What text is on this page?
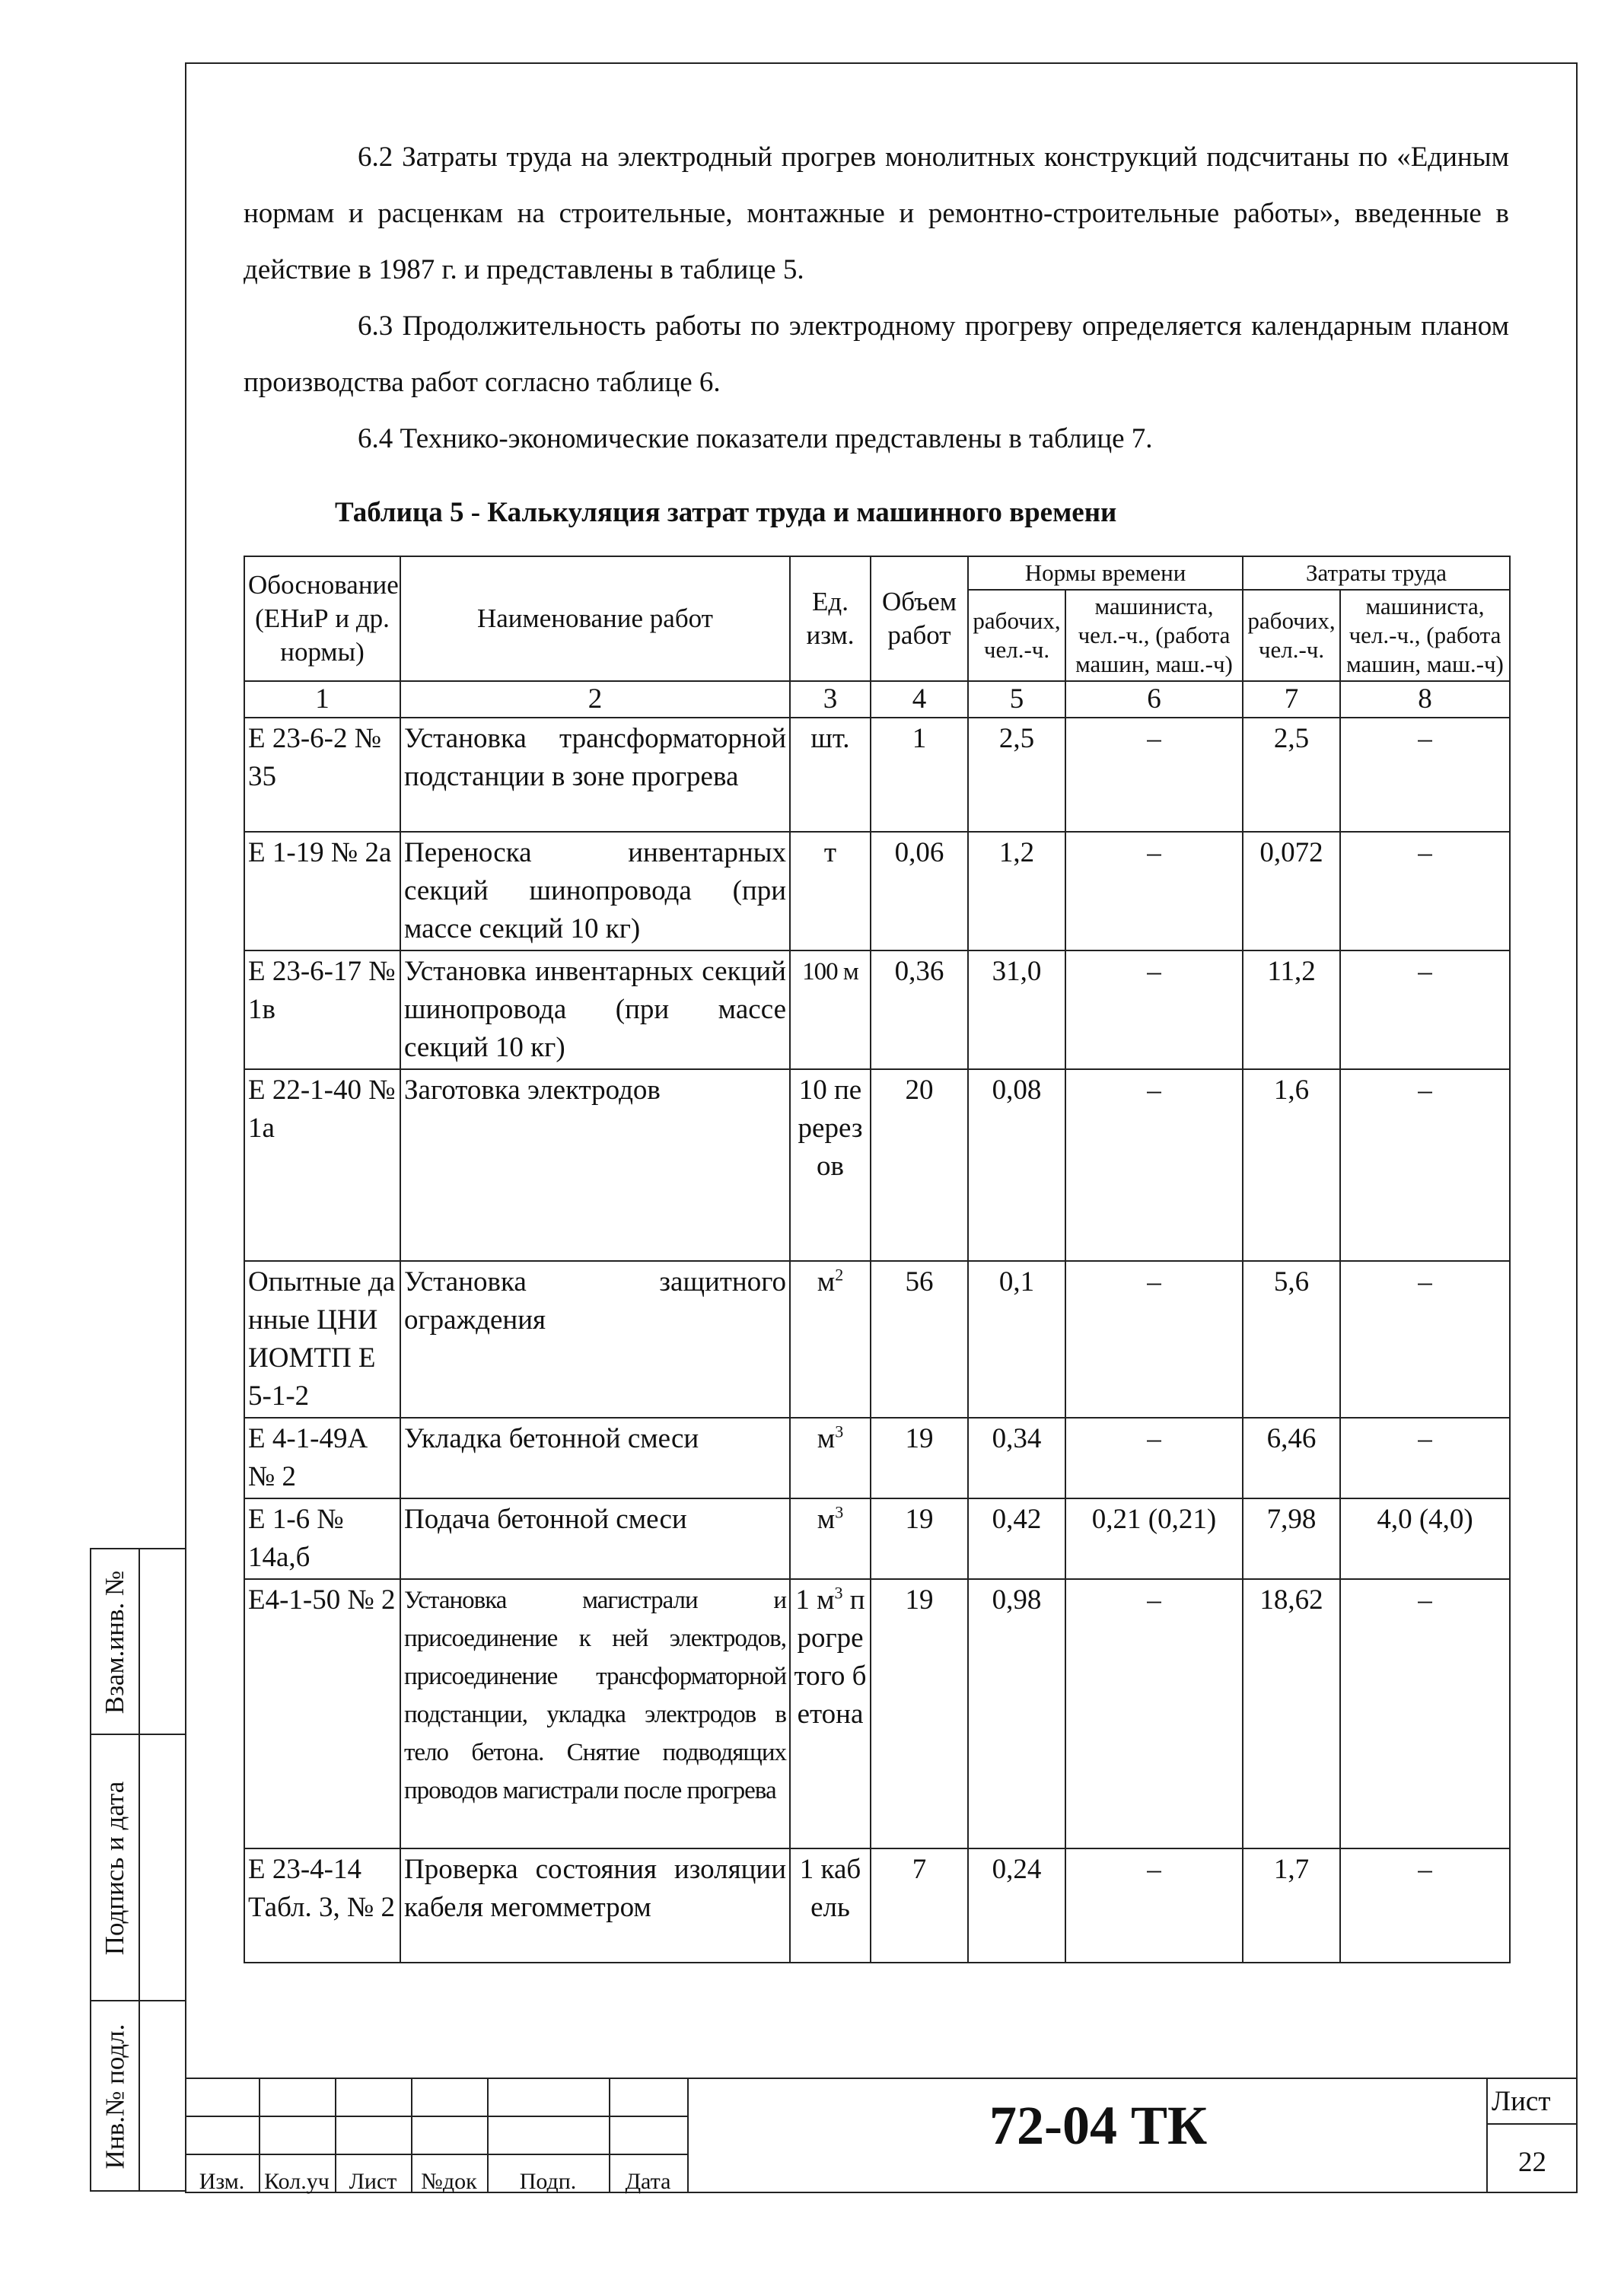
6.2 Затраты труда на электродный прогрев монолитных конструкций подсчитаны по «Единым нормам и расценкам на строительные, монтажные и ремонтно-строительные работы», введенные в действие в 1987 г. и представлены в таблице 5.

6.3 Продолжительность работы по электродному прогреву определяется календарным планом производства работ согласно таблице 6.

6.4 Технико-экономические показатели представлены в таблице 7.

Таблица 5 - Калькуляция затрат труда и машинного времени
Обоснование (ЕНиР и др. нормы)	Наименование работ	Ед. изм.	Объем работ	Нормы времени		Затраты труда	
				рабочих, чел.-ч.	машиниста, чел.-ч., (работа машин, маш.-ч)	рабочих, чел.-ч.	машиниста, чел.-ч., (работа машин, маш.-ч)
1	2	3	4	5	6	7	8
Е 23-6-2 № 35	Установка трансформаторной подстанции в зоне прогрева	шт.	1	2,5	–	2,5	–
Е 1-19 № 2а	Переноска инвентарных секций шинопровода (при массе секций 10 кг)	т	0,06	1,2	–	0,072	–
Е 23-6-17 № 1в	Установка инвентарных секций шинопровода (при массе секций 10 кг)	100 м	0,36	31,0	–	11,2	–
Е 22-1-40 № 1а	Заготовка электродов	10 перерезов	20	0,08	–	1,6	–
Опытные данные ЦНИИОМТП Е 5-1-2	Установка защитного ограждения	$м^2$	56	0,1	–	5,6	–
Е 4-1-49А № 2	Укладка бетонной смеси	$м^3$	19	0,34	–	6,46	–
Е 1-6 № 14а,б	Подача бетонной смеси	$м^3$	19	0,42	0,21 (0,21)	7,98	4,0 (4,0)
Е4-1-50 № 2	Установка магистрали и присоединение к ней электродов, присоединение трансформаторной подстанции, укладка электродов в тело бетона. Снятие подводящих проводов магистрали после прогрева	1 $м^3$ прогретого бетона	19	0,98	–	18,62	–
Е 23-4-14 Табл. 3, № 2	Проверка состояния изоляции кабеля мегомметром	1 кабель	7	0,24	–	1,7	–
Взам.инв. №
Подпись и дата
Инв.№ подл.
Изм. Кол.уч Лист	№док	Подп.	Дата
72-04 ТК	Лист
22
